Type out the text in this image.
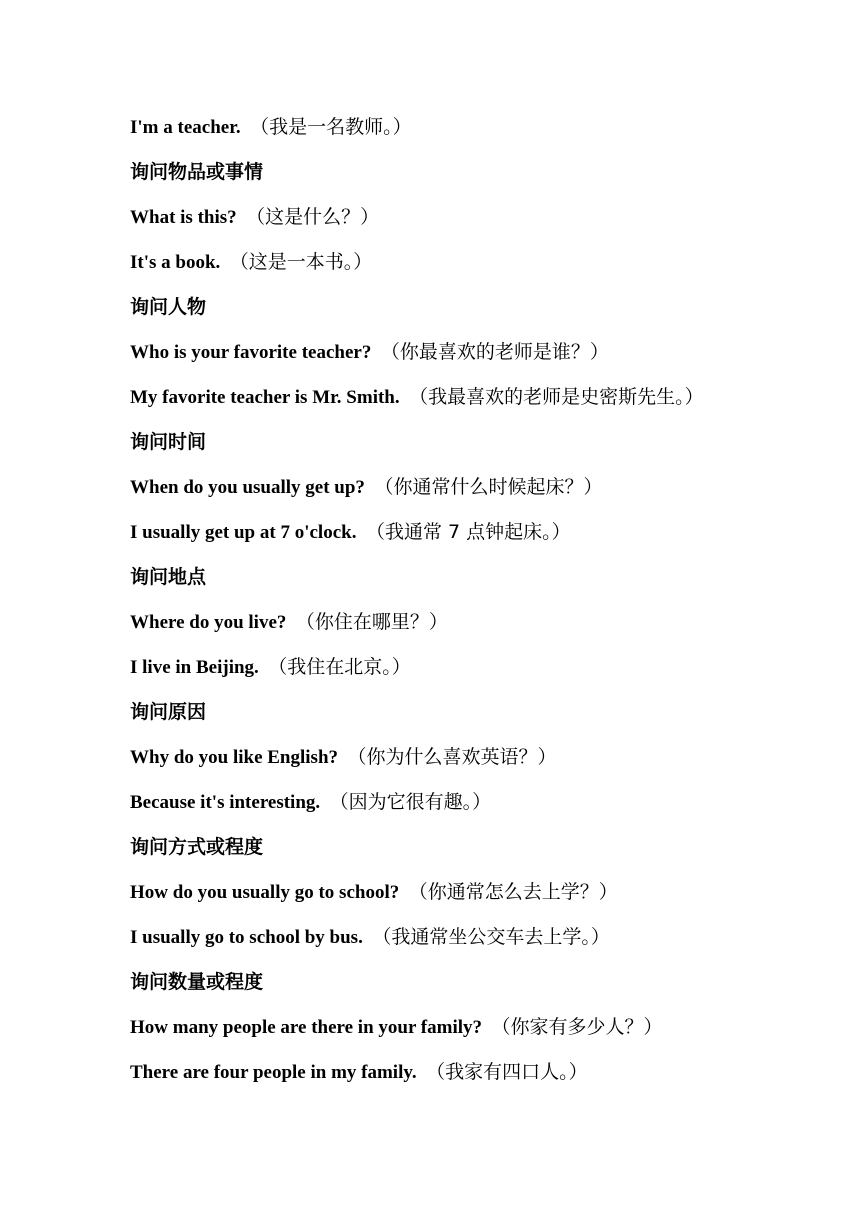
I'm a teacher. （我是一名教师。）
询问物品或事情
What is this? （这是什么？）
It's a book. （这是一本书。）
询问人物
Who is your favorite teacher? （你最喜欢的老师是谁？）
My favorite teacher is Mr. Smith. （我最喜欢的老师是史密斯先生。）
询问时间
When do you usually get up? （你通常什么时候起床？）
I usually get up at 7 o'clock. （我通常 7 点钟起床。）
询问地点
Where do you live? （你住在哪里？）
I live in Beijing. （我住在北京。）
询问原因
Why do you like English? （你为什么喜欢英语？）
Because it's interesting. （因为它很有趣。）
询问方式或程度
How do you usually go to school? （你通常怎么去上学？）
I usually go to school by bus. （我通常坐公交车去上学。）
询问数量或程度
How many people are there in your family? （你家有多少人？）
There are four people in my family. （我家有四口人。）
